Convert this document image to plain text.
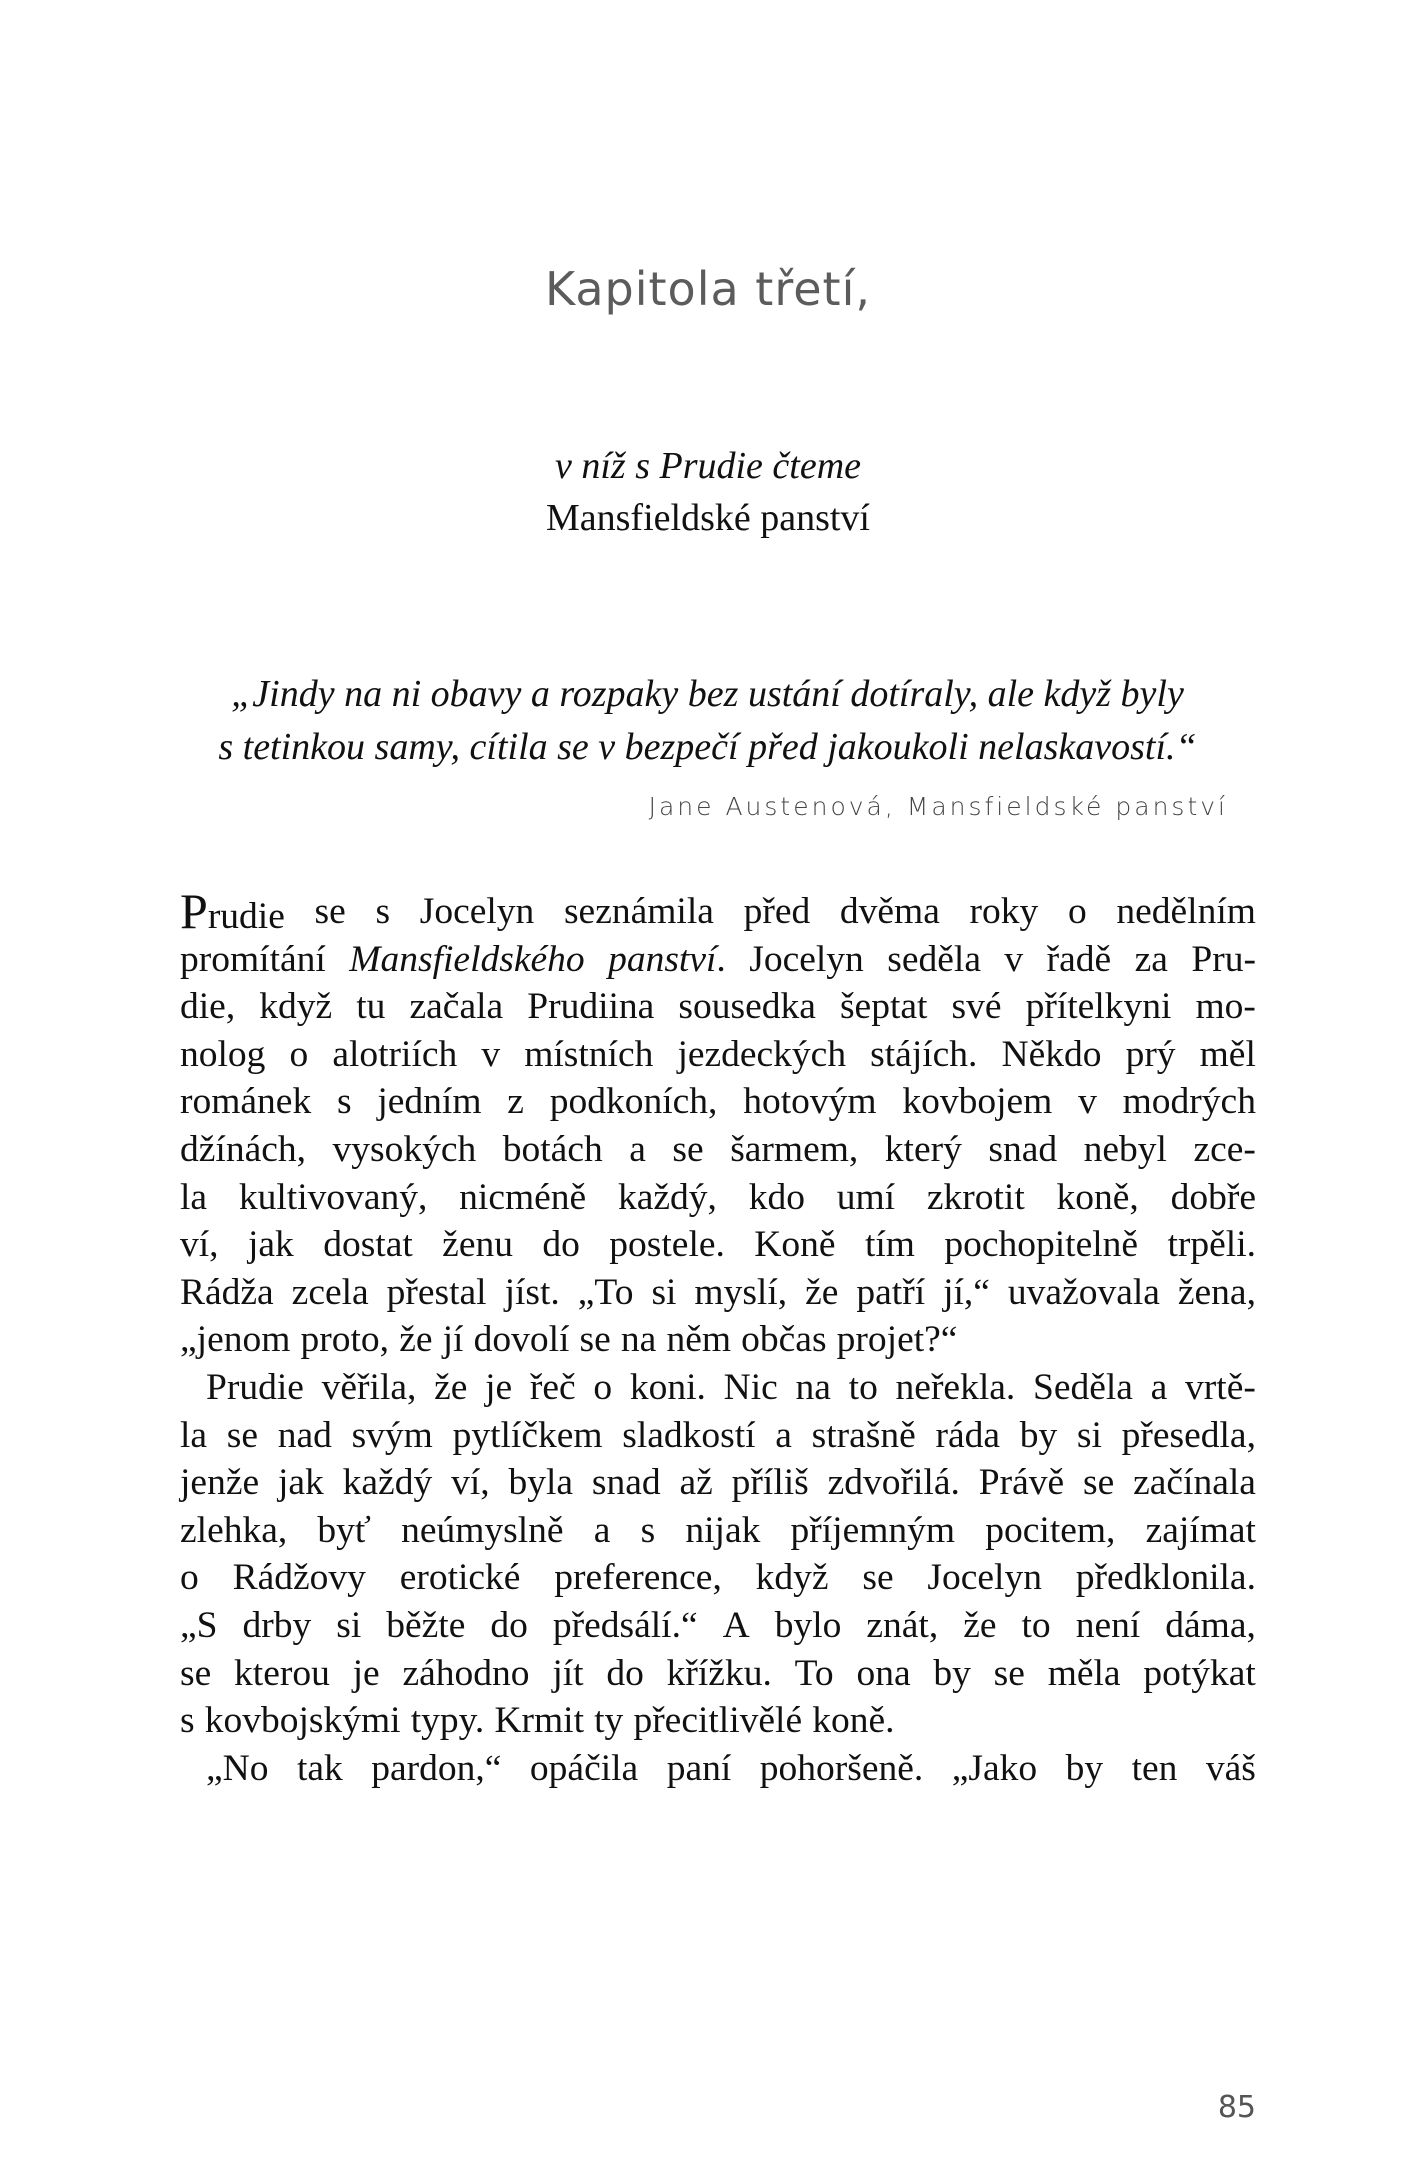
Kapitola třetí,
v níž s Prudie čteme
Mansfieldské panství
„Jindy na ni obavy a rozpaky bez ustání dotíraly, ale když byly
s tetinkou samy, cítila se v bezpečí před jakoukoli nelaskavostí.“
Jane Austenová, Mansfieldské panství
Prudie se s Jocelyn seznámila před dvěma roky o nedělním
promítání Mansfieldského panství. Jocelyn seděla v řadě za Pru-
die, když tu začala Prudiina sousedka šeptat své přítelkyni mo-
nolog o alotriích v místních jezdeckých stájích. Někdo prý měl
románek s jedním z podkoních, hotovým kovbojem v modrých
džínách, vysokých botách a se šarmem, který snad nebyl zce-
la kultivovaný, nicméně každý, kdo umí zkrotit koně, dobře
ví, jak dostat ženu do postele. Koně tím pochopitelně trpěli.
Rádža zcela přestal jíst. „To si myslí, že patří jí,“ uvažovala žena,
„jenom proto, že jí dovolí se na něm občas projet?“
Prudie věřila, že je řeč o koni. Nic na to neřekla. Seděla a vrtě-
la se nad svým pytlíčkem sladkostí a strašně ráda by si přesedla,
jenže jak každý ví, byla snad až příliš zdvořilá. Právě se začínala
zlehka, byť neúmyslně a s nijak příjemným pocitem, zajímat
o Rádžovy erotické preference, když se Jocelyn předklonila.
„S drby si běžte do předsálí.“ A bylo znát, že to není dáma,
se kterou je záhodno jít do křížku. To ona by se měla potýkat
s kovbojskými typy. Krmit ty přecitlivělé koně.
„No tak pardon,“ opáčila paní pohoršeně. „Jako by ten váš
85
